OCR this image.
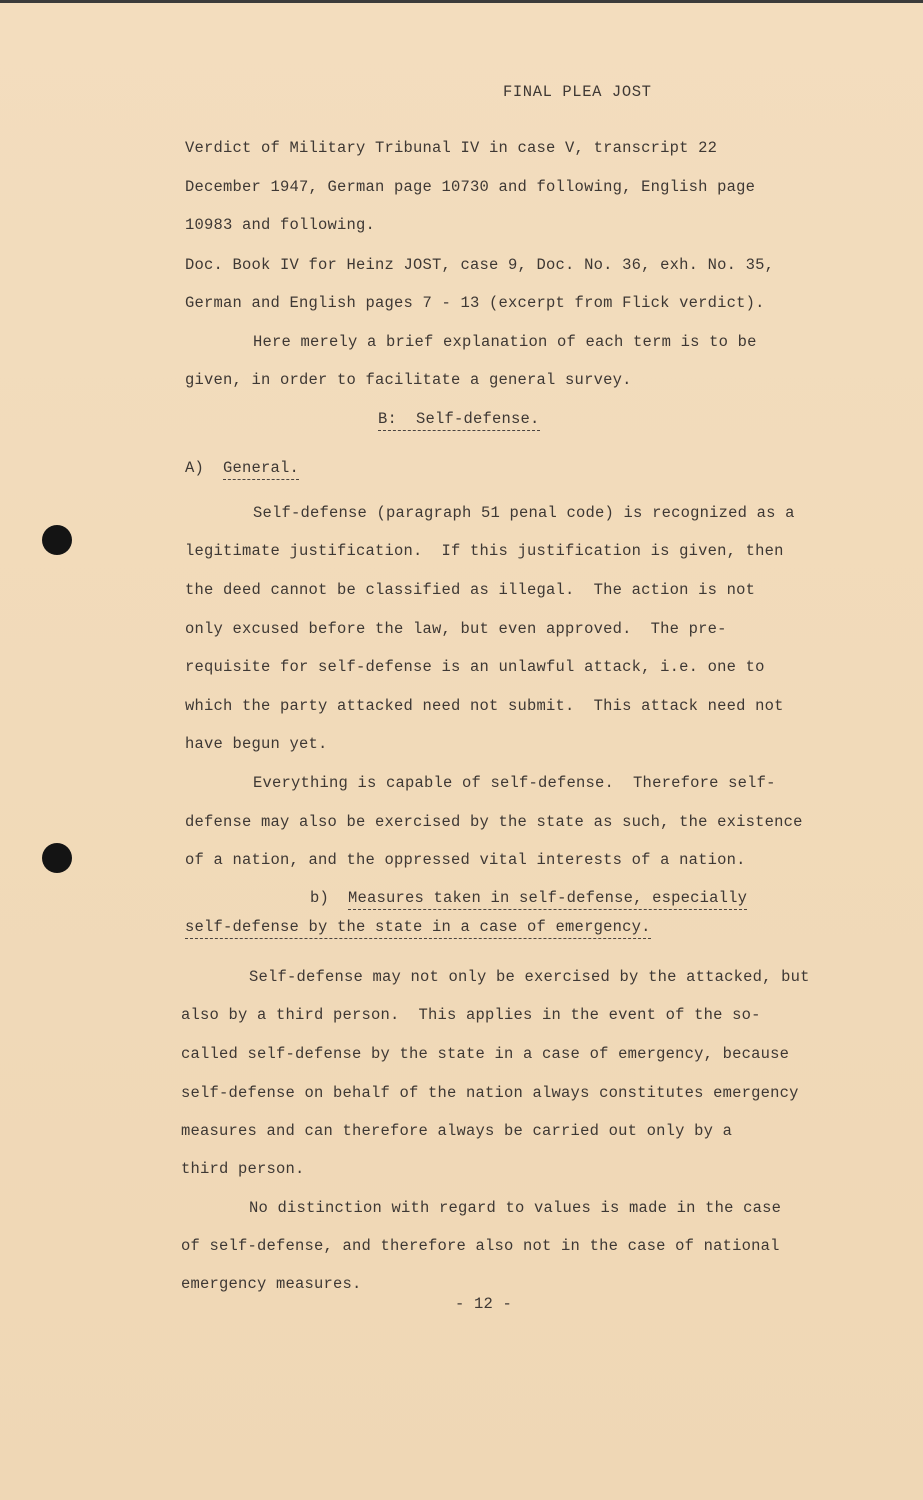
FINAL PLEA JOST
Verdict of Military Tribunal IV in case V, transcript 22
December 1947, German page 10730 and following, English page
10983 and following.
Doc. Book IV for Heinz JOST, case 9, Doc. No. 36, exh. No. 35,
German and English pages 7 - 13 (excerpt from Flick verdict).
Here merely a brief explanation of each term is to be
given, in order to facilitate a general survey.
B:  Self-defense.
A) General.
Self-defense (paragraph 51 penal code) is recognized as a
legitimate justification.  If this justification is given, then
the deed cannot be classified as illegal.  The action is not
only excused before the law, but even approved.  The pre-
requisite for self-defense is an unlawful attack, i.e. one to
which the party attacked need not submit.  This attack need not
have begun yet.
Everything is capable of self-defense.  Therefore self-
defense may also be exercised by the state as such, the existence
of a nation, and the oppressed vital interests of a nation.
b) Measures taken in self-defense, especially
self-defense by the state in a case of emergency.
Self-defense may not only be exercised by the attacked, but
also by a third person.  This applies in the event of the so-
called self-defense by the state in a case of emergency, because
self-defense on behalf of the nation always constitutes emergency
measures and can therefore always be carried out only by a
third person.
No distinction with regard to values is made in the case
of self-defense, and therefore also not in the case of national
emergency measures.
- 12 -
